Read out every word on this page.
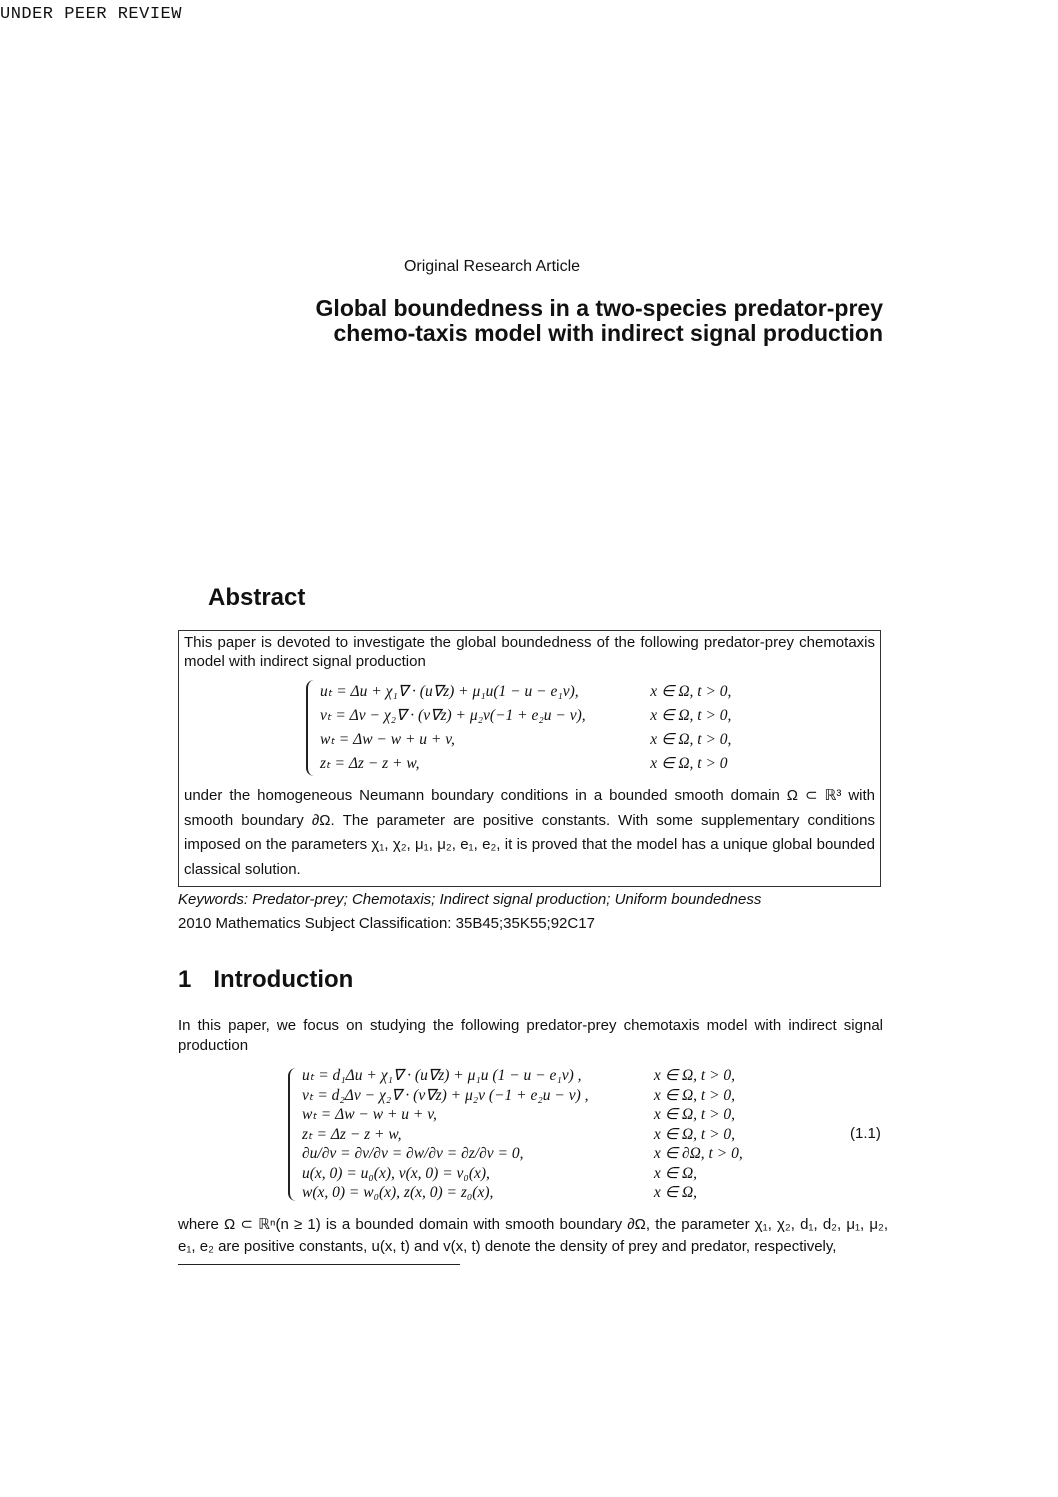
UNDER PEER REVIEW
Original Research Article
Global boundedness in a two-species predator-prey
chemo-taxis model with indirect signal production
Abstract
This paper is devoted to investigate the global boundedness of the following predator-prey chemotaxis model with indirect signal production
uₜ = Δu + χ₁∇ · (u∇z) + μ₁u(1 − u − e₁v),	x ∈ Ω, t > 0,
vₜ = Δv − χ₂∇ · (v∇z) + μ₂v(−1 + e₂u − v),	x ∈ Ω, t > 0,
wₜ = Δw − w + u + v,	x ∈ Ω, t > 0,
zₜ = Δz − z + w,	x ∈ Ω, t > 0
under the homogeneous Neumann boundary conditions in a bounded smooth domain Ω ⊂ ℝ³ with smooth boundary ∂Ω. The parameter are positive constants. With some supplementary conditions imposed on the parameters χ₁, χ₂, μ₁, μ₂, e₁, e₂, it is proved that the model has a unique global bounded classical solution.
Keywords: Predator-prey; Chemotaxis; Indirect signal production; Uniform boundedness
2010 Mathematics Subject Classification: 35B45;35K55;92C17
1 Introduction
In this paper, we focus on studying the following predator-prey chemotaxis model with indirect signal production
uₜ = d₁Δu + χ₁∇ · (u∇z) + μ₁u (1 − u − e₁v) ,	x ∈ Ω, t > 0,
vₜ = d₂Δv − χ₂∇ · (v∇z) + μ₂v (−1 + e₂u − v) ,	x ∈ Ω, t > 0,
wₜ = Δw − w + u + v,	x ∈ Ω, t > 0,
zₜ = Δz − z + w,	x ∈ Ω, t > 0,
∂u/∂ν = ∂v/∂ν = ∂w/∂ν = ∂z/∂ν = 0,	x ∈ ∂Ω, t > 0,
u(x, 0) = u₀(x), v(x, 0) = v₀(x),	x ∈ Ω,
w(x, 0) = w₀(x), z(x, 0) = z₀(x),	x ∈ Ω,
(1.1)
where Ω ⊂ ℝⁿ(n ≥ 1) is a bounded domain with smooth boundary ∂Ω, the parameter χ₁, χ₂, d₁, d₂, μ₁, μ₂, e₁, e₂ are positive constants, u(x, t) and v(x, t) denote the density of prey and predator, respectively,
